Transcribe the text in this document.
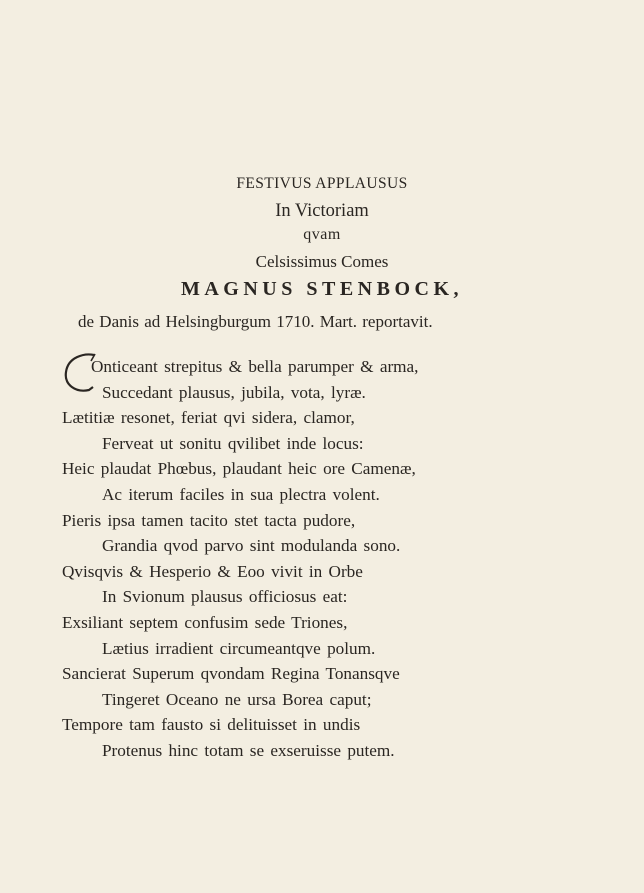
FESTIVUS APPLAUSUS
In Victoriam
qvam
Celsissimus Comes
MAGNUS STENBOCK,
de Danis ad Helsingburgum 1710. Mart. reportavit.
Onticeant strepitus & bella parumper & arma,
Succedant plausus, jubila, vota, lyræ.
Lætitiæ resonet, feriat qvi sidera, clamor,
Ferveat ut sonitu qvilibet inde locus:
Heic plaudat Phœbus, plaudant heic ore Camenæ,
Ac iterum faciles in sua plectra volent.
Pieris ipsa tamen tacito stet tacta pudore,
Grandia qvod parvo sint modulanda sono.
Qvisqvis & Hesperio & Eoo vivit in Orbe
In Svionum plausus officiosus eat:
Exsiliant septem confusim sede Triones,
Lætius irradient circumeantqve polum.
Sancierat Superum qvondam Regina Tonansqve
Tingeret Oceano ne ursa Borea caput;
Tempore tam fausto si delituisset in undis
Protenus hinc totam se exseruisse putem.
